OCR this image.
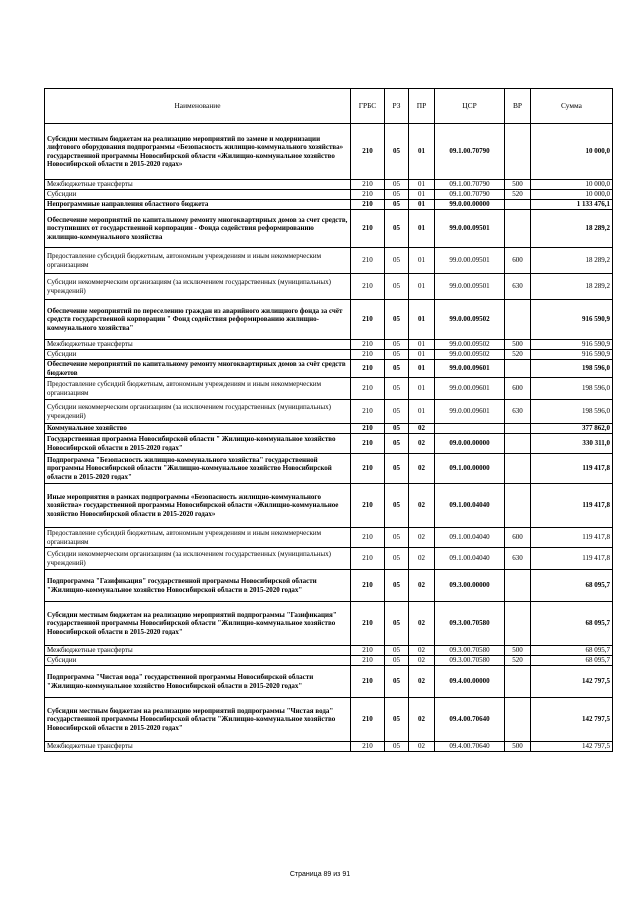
Наименование	ГРБС	РЗ	ПР	ЦСР	ВР	Сумма
Субсидии местным бюджетам на реализацию мероприятий по замене и модернизации лифтового оборудования подпрограммы «Безопасность жилищно-коммунального хозяйства» государственной программы Новосибирской области «Жилищно-коммунальное хозяйство Новосибирской области в 2015-2020 годах»	210	05	01	09.1.00.70790		10 000,0
Межбюджетные трансферты	210	05	01	09.1.00.70790	500	10 000,0
Субсидии	210	05	01	09.1.00.70790	520	10 000,0
Непрограммные направления областного бюджета	210	05	01	99.0.00.00000		1 133 476,1
Обеспечение мероприятий по капитальному ремонту многоквартирных домов за счет средств, поступивших от государственной корпорации - Фонда содействия реформированию жилищно-коммунального хозяйства	210	05	01	99.0.00.09501		18 289,2
Предоставление субсидий бюджетным, автономным учреждениям и иным некоммерческим организациям	210	05	01	99.0.00.09501	600	18 289,2
Субсидии некоммерческим организациям (за исключением государственных (муниципальных) учреждений)	210	05	01	99.0.00.09501	630	18 289,2
Обеспечение мероприятий по переселению граждан из аварийного жилищного фонда за счёт средств государственной корпорации " Фонд содействия реформированию жилищно-коммунального хозяйства"	210	05	01	99.0.00.09502		916 590,9
Межбюджетные трансферты	210	05	01	99.0.00.09502	500	916 590,9
Субсидии	210	05	01	99.0.00.09502	520	916 590,9
Обеспечение мероприятий по капитальному ремонту многоквартирных домов за счёт средств бюджетов	210	05	01	99.0.00.09601		198 596,0
Предоставление субсидий бюджетным, автономным учреждениям и иным некоммерческим организациям	210	05	01	99.0.00.09601	600	198 596,0
Субсидии некоммерческим организациям (за исключением государственных (муниципальных) учреждений)	210	05	01	99.0.00.09601	630	198 596,0
Коммунальное хозяйство	210	05	02			377 862,0
Государственная программа Новосибирской области " Жилищно-коммунальное хозяйство Новосибирской области в 2015-2020 годах"	210	05	02	09.0.00.00000		330 311,0
Подпрограмма "Безопасность жилищно-коммунального хозяйства" государственной программы Новосибирской области "Жилищно-коммунальное хозяйство Новосибирской области в 2015-2020 годах"	210	05	02	09.1.00.00000		119 417,8
Иные мероприятия в рамках подпрограммы «Безопасность жилищно-коммунального хозяйства» государственной программы Новосибирской области «Жилищно-коммунальное хозяйство Новосибирской области в 2015-2020 годах»	210	05	02	09.1.00.04040		119 417,8
Предоставление субсидий бюджетным, автономным учреждениям и иным некоммерческим организациям	210	05	02	09.1.00.04040	600	119 417,8
Субсидии некоммерческим организациям (за исключением государственных (муниципальных) учреждений)	210	05	02	09.1.00.04040	630	119 417,8
Подпрограмма "Газификация" государственной программы Новосибирской области "Жилищно-коммунальное хозяйство Новосибирской области в 2015-2020 годах"	210	05	02	09.3.00.00000		68 095,7
Субсидии местным бюджетам на реализацию мероприятий подпрограммы "Газификация" государственной программы Новосибирской области "Жилищно-коммунальное хозяйство Новосибирской области в 2015-2020 годах"	210	05	02	09.3.00.70580		68 095,7
Межбюджетные трансферты	210	05	02	09.3.00.70580	500	68 095,7
Субсидии	210	05	02	09.3.00.70580	520	68 095,7
Подпрограмма "Чистая вода" государственной программы Новосибирской области "Жилищно-коммунальное хозяйство Новосибирской области в 2015-2020 годах"	210	05	02	09.4.00.00000		142 797,5
Субсидии местным бюджетам на реализацию мероприятий подпрограммы "Чистая вода" государственной программы Новосибирской области "Жилищно-коммунальное хозяйство Новосибирской области в 2015-2020 годах"	210	05	02	09.4.00.70640		142 797,5
Межбюджетные трансферты	210	05	02	09.4.00.70640	500	142 797,5
Страница 89 из 91
